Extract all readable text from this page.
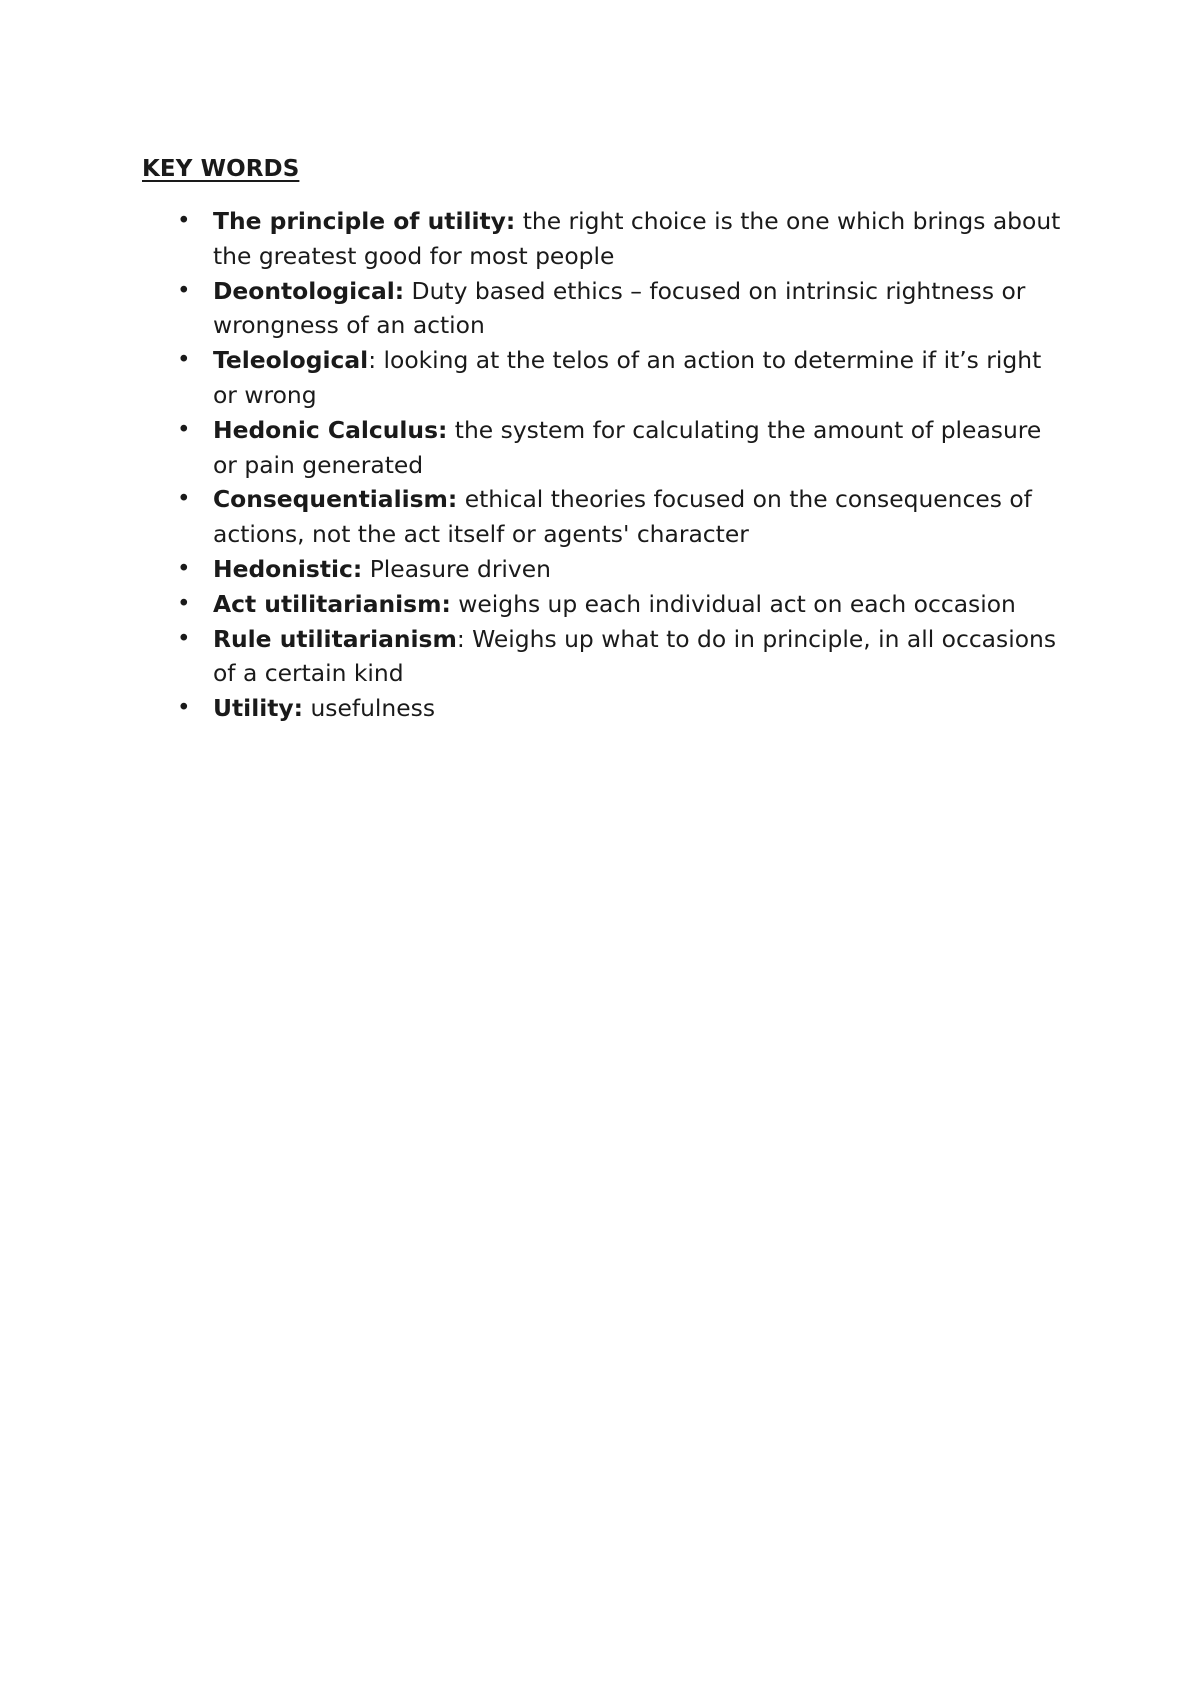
KEY WORDS
• The principle of utility: the right choice is the one which brings about the greatest good for most people
• Deontological: Duty based ethics – focused on intrinsic rightness or wrongness of an action
• Teleological: looking at the telos of an action to determine if it’s right or wrong
• Hedonic Calculus: the system for calculating the amount of pleasure or pain generated
• Consequentialism: ethical theories focused on the consequences of actions, not the act itself or agents' character
• Hedonistic: Pleasure driven
• Act utilitarianism: weighs up each individual act on each occasion
• Rule utilitarianism: Weighs up what to do in principle, in all occasions of a certain kind
• Utility: usefulness
